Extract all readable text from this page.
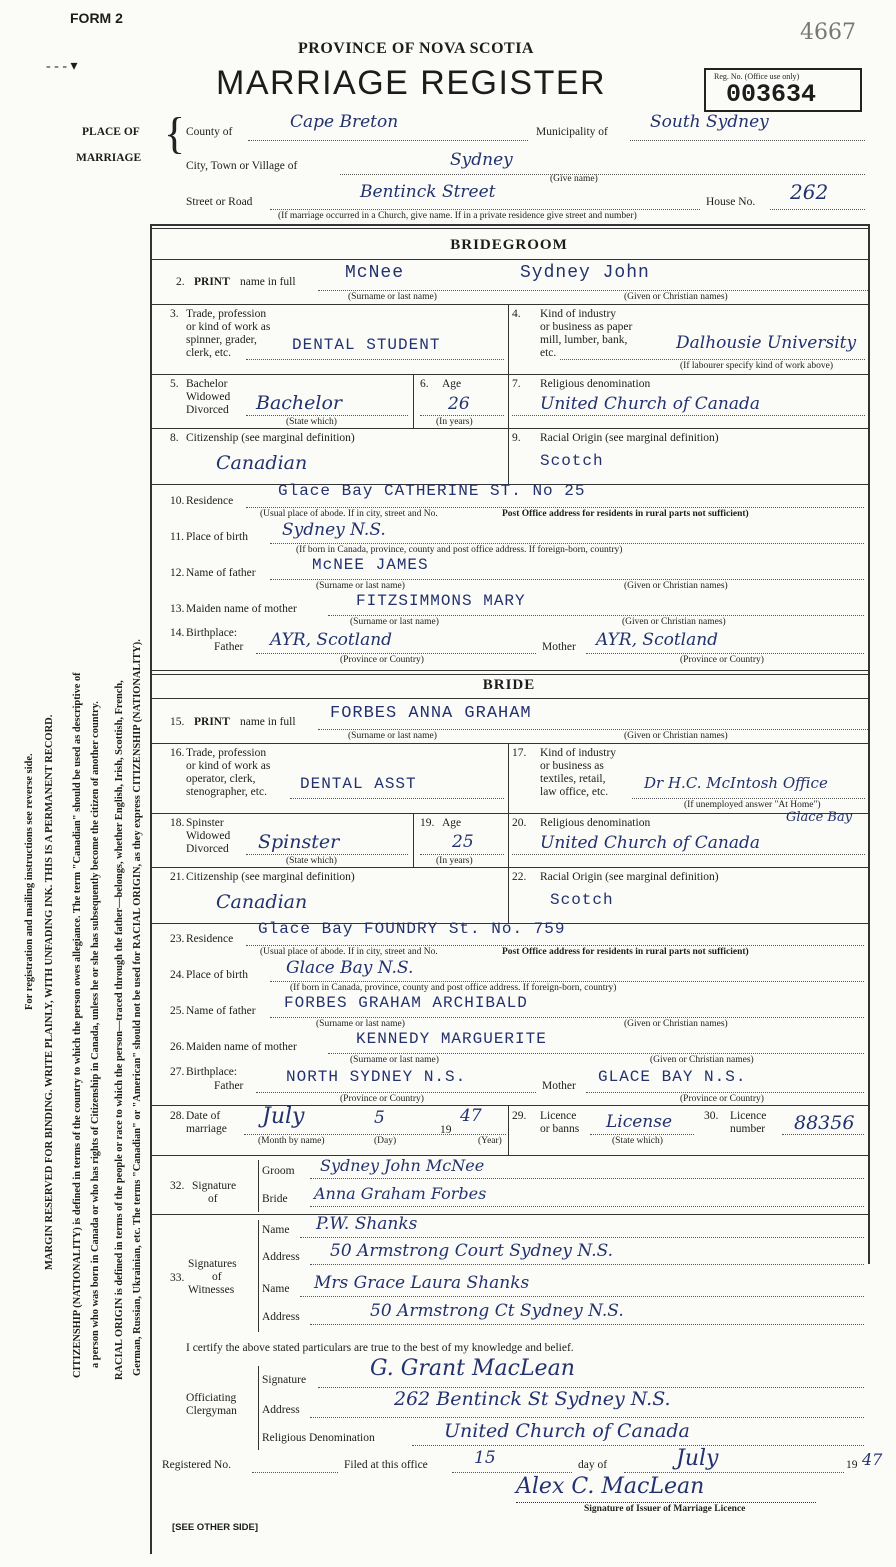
FORM 2
- - - ▾
4667
PROVINCE OF NOVA SCOTIA
MARRIAGE REGISTER	Reg. No. (Office use only)
003634
For registration and mailing instructions see reverse side. MARGIN RESERVED FOR BINDING. WRITE PLAINLY, WITH UNFADING INK. THIS IS A PERMANENT RECORD. CITIZENSHIP (NATIONALITY) is defined in terms of the country to which the person owes allegiance. The term "Canadian" should be used as descriptive of a person who was born in Canada or who has rights of Citizenship in Canada, unless he or she has subsequently become the citizen of another country. RACIAL ORIGIN is defined in terms of the people or race to which the person—traced through the father—belongs, whether English, Irish, Scottish, French, German, Russian, Ukrainian, etc. The terms "Canadian" or "American" should not be used for RACIAL ORIGIN, as they express CITIZENSHIP (NATIONALITY).
PLACE OF
MARRIAGE { County of	Cape Breton	Municipality of South Sydney
City, Town or Village of	Sydney
(Give name)
Street or Road	Bentinck Street	House No. 262
(If marriage occurred in a Church, give name. If in a private residence give street and number)
BRIDEGROOM
2. PRINT name in full	McNee	Sydney John
(Surname or last name)	(Given or Christian names)
3. Trade, profession
or kind of work as
spinner, grader,
clerk, etc.	DENTAL STUDENT
4. Kind of industry
or business as paper
mill, lumber, bank,
etc.	Dalhousie University
(If labourer specify kind of work above)
5. Bachelor
Widowed
Divorced Bachelor
(State which)
6. Age
26
(In years)
7. Religious denomination
United Church of Canada
8. Citizenship (see marginal definition)
Canadian
9. Racial Origin (see marginal definition)
Scotch
10. Residence
Glace Bay CATHERINE ST. No 25
(Usual place of abode. If in city, street and No.	Post Office address for residents in rural parts not sufficient)
11. Place of birth Sydney N.S.
(If born in Canada, province, county and post office address. If foreign-born, country)
12. Name of father	McNEE JAMES
(Surname or last name)	(Given or Christian names)
13. Maiden name of mother	FITZSIMMONS MARY
(Surname or last name)	(Given or Christian names)
14. Birthplace:
Father AYR, Scotland
(Province or Country)
Mother AYR, Scotland
(Province or Country)
BRIDE
15. PRINT name in full FORBES ANNA GRAHAM
(Surname or last name)	(Given or Christian names)
16. Trade, profession
or kind of work as
operator, clerk,
stenographer, etc. DENTAL ASST
17. Kind of industry
or business as
textiles, retail,
law office, etc. Dr H.C. McIntosh Office
(If unemployed answer "At Home")
18. Spinster
Widowed
Divorced Spinster
(State which)
19. Age
25
(In years)
20. Religious denomination	Glace Bay
United Church of Canada
21. Citizenship (see marginal definition)
Canadian
22. Racial Origin (see marginal definition)
Scotch
23. Residence
Glace Bay FOUNDRY St. No. 759
(Usual place of abode. If in city, street and No.	Post Office address for residents in rural parts not sufficient)
24. Place of birth Glace Bay N.S.
(If born in Canada, province, county and post office address. If foreign-born, country)
25. Name of father FORBES GRAHAM ARCHIBALD
(Surname or last name)	(Given or Christian names)
26. Maiden name of mother	KENNEDY MARGUERITE
(Surname or last name)	(Given or Christian names)
27. Birthplace:
Father	NORTH SYDNEY N.S.
(Province or Country)
Mother GLACE BAY N.S.
(Province or Country)
28. Date of
marriage July	5
19
47
(Month by name)	(Day)	(Year)
29. Licence
or banns License
(State which)
30. Licence
number 88356
32. Signature
of
Groom Sydney John McNee
Bride Anna Graham Forbes
33.
Signatures
of
Witnesses
Name P.W. Shanks
Address 50 Armstrong Court Sydney N.S.
Name Mrs Grace Laura Shanks
Address	50 Armstrong Ct Sydney N.S.
I certify the above stated particulars are true to the best of my knowledge and belief.
Officiating
Clergyman
Signature	G. Grant MacLean
Address	262 Bentinck St Sydney N.S.
Religious Denomination	United Church of Canada
Registered No.	Filed at this office	15	day of	July	19 47
Alex C. MacLean
Signature of Issuer of Marriage Licence
[SEE OTHER SIDE]
